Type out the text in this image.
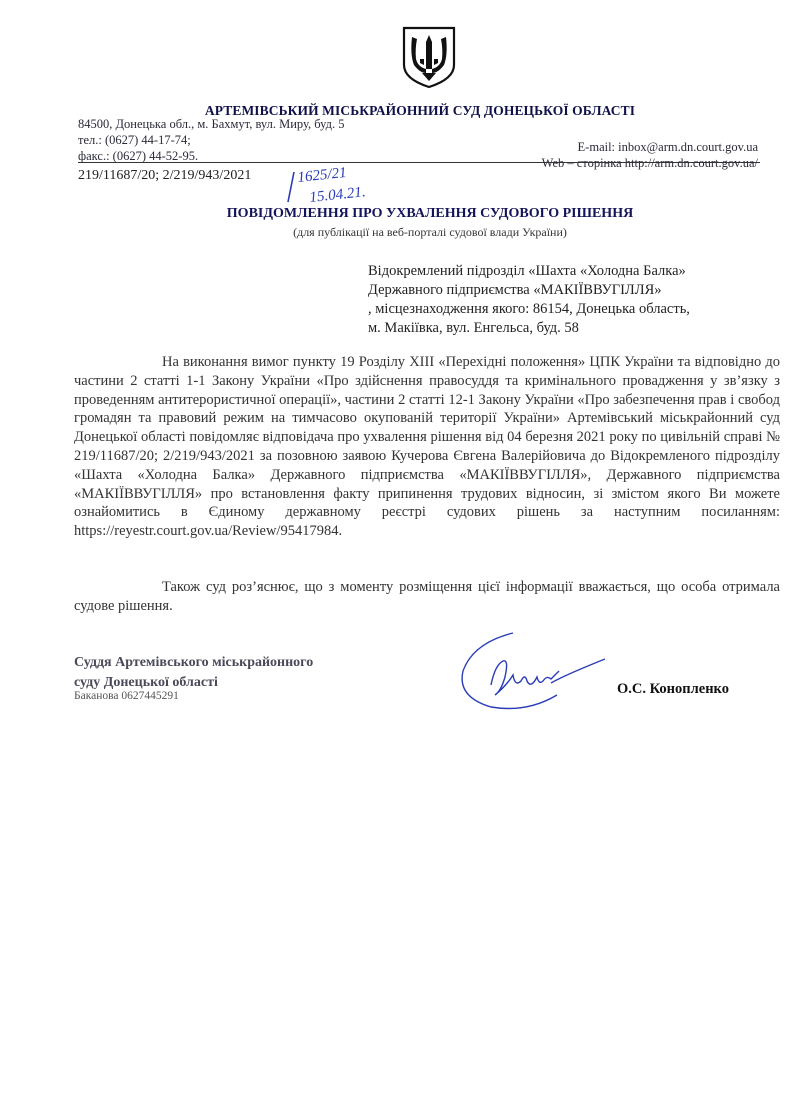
АРТЕМІВСЬКИЙ МІСЬКРАЙОННИЙ СУД ДОНЕЦЬКОЇ ОБЛАСТІ
84500, Донецька обл., м. Бахмут, вул. Миру, буд. 5
тел.: (0627) 44-17-74;
факс.: (0627) 44-52-95.
E-mail: inbox@arm.dn.court.gov.ua
Web – сторінка http://arm.dn.court.gov.ua/
219/11687/20; 2/219/943/2021	1625/21
15.04.21.
ПОВІДОМЛЕННЯ ПРО УХВАЛЕННЯ СУДОВОГО РІШЕННЯ
(для публікації на веб-порталі судової влади України)
Відокремлений підрозділ «Шахта «Холодна Балка»
Державного підприємства «МАКІЇВВУГІЛЛЯ»
, місцезнаходження якого: 86154, Донецька область,
м. Макіївка, вул. Енгельса, буд. 58
На виконання вимог пункту 19 Розділу XIII «Перехідні положення» ЦПК України та відповідно до частини 2 статті 1-1 Закону України «Про здійснення правосуддя та кримінального провадження у зв’язку з проведенням антитерористичної операції», частини 2 статті 12-1 Закону України «Про забезпечення прав і свобод громадян та правовий режим на тимчасово окупованій території України» Артемівський міськрайонний суд Донецької області повідомляє відповідача про ухвалення рішення від 04 березня 2021 року по цивільній справі № 219/11687/20; 2/219/943/2021 за позовною заявою Кучерова Євгена Валерійовича до Відокремленого підрозділу «Шахта «Холодна Балка» Державного підприємства «МАКІЇВВУГІЛЛЯ», Державного підприємства «МАКІЇВВУГІЛЛЯ» про встановлення факту припинення трудових відносин, зі змістом якого Ви можете ознайомитись в Єдиному державному реєстрі судових рішень за наступним посиланням: https://reyestr.court.gov.ua/Review/95417984.
Також суд роз’яснює, що з моменту розміщення цієї інформації вважається, що особа отримала судове рішення.
Суддя Артемівського міськрайонного
суду Донецької області
Баканова 0627445291	О.С. Конопленко
